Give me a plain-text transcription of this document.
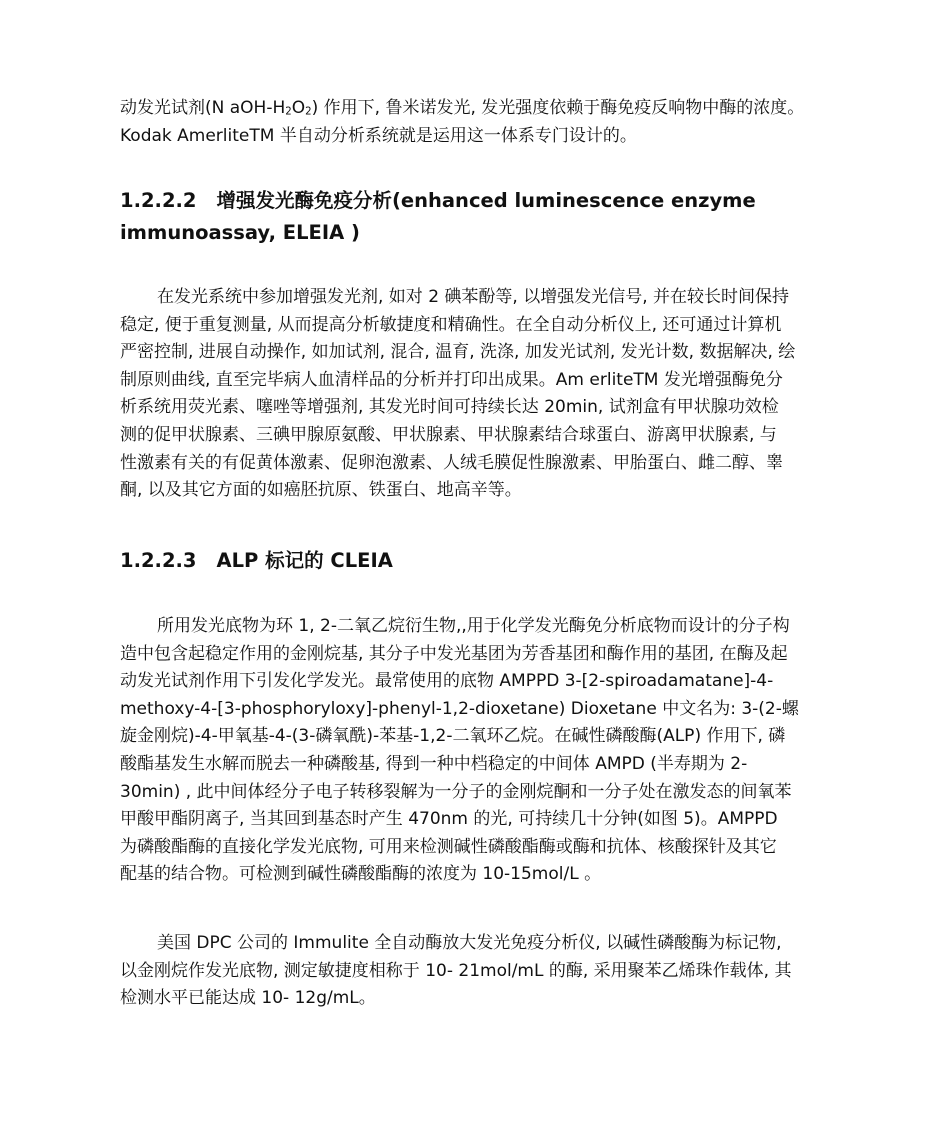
动发光试剂(N aOH-$H_2O_2$) 作用下, 鲁米诺发光, 发光强度依赖于酶免疫反响物中酶的浓度。
Kodak AmerliteTM 半自动分析系统就是运用这一体系专门设计的。
1.2.2.2 增强发光酶免疫分析(enhanced luminescence enzyme
immunoassay, ELEIA )
在发光系统中参加增强发光剂, 如对 2 碘苯酚等, 以增强发光信号, 并在较长时间保持
稳定, 便于重复测量, 从而提高分析敏捷度和精确性。在全自动分析仪上, 还可通过计算机
严密控制, 进展自动操作, 如加试剂, 混合, 温育, 洗涤, 加发光试剂, 发光计数, 数据解决, 绘
制原则曲线, 直至完毕病人血清样品的分析并打印出成果。Am erliteTM 发光增强酶免分
析系统用荧光素、噻唑等增强剂, 其发光时间可持续长达 20min, 试剂盒有甲状腺功效检
测的促甲状腺素、三碘甲腺原氨酸、甲状腺素、甲状腺素结合球蛋白、游离甲状腺素, 与
性激素有关的有促黄体激素、促卵泡激素、人绒毛膜促性腺激素、甲胎蛋白、雌二醇、睾
酮, 以及其它方面的如癌胚抗原、铁蛋白、地高辛等。
1.2.2.3 ALP 标记的 CLEIA
所用发光底物为环 1, 2-二氧乙烷衍生物,,用于化学发光酶免分析底物而设计的分子构
造中包含起稳定作用的金刚烷基, 其分子中发光基团为芳香基团和酶作用的基团, 在酶及起
动发光试剂作用下引发化学发光。最常使用的底物 AMPPD 3-[2-spiroadamatane]-4-
methoxy-4-[3-phosphoryloxy]-phenyl-1,2-dioxetane) Dioxetane 中文名为: 3-(2-螺
旋金刚烷)-4-甲氧基-4-(3-磷氧酰)-苯基-1,2-二氧环乙烷。在碱性磷酸酶(ALP) 作用下, 磷
酸酯基发生水解而脱去一种磷酸基, 得到一种中档稳定的中间体 AMPD (半寿期为 2-
30min) , 此中间体经分子电子转移裂解为一分子的金刚烷酮和一分子处在激发态的间氧苯
甲酸甲酯阴离子, 当其回到基态时产生 470nm 的光, 可持续几十分钟(如图 5)。AMPPD
为磷酸酯酶的直接化学发光底物, 可用来检测碱性磷酸酯酶或酶和抗体、核酸探针及其它
配基的结合物。可检测到碱性磷酸酯酶的浓度为 10-15mol/L 。
美国 DPC 公司的 Immulite 全自动酶放大发光免疫分析仪, 以碱性磷酸酶为标记物,
以金刚烷作发光底物, 测定敏捷度相称于 10- 21mol/mL 的酶, 采用聚苯乙烯珠作载体, 其
检测水平已能达成 10- 12g/mL。
